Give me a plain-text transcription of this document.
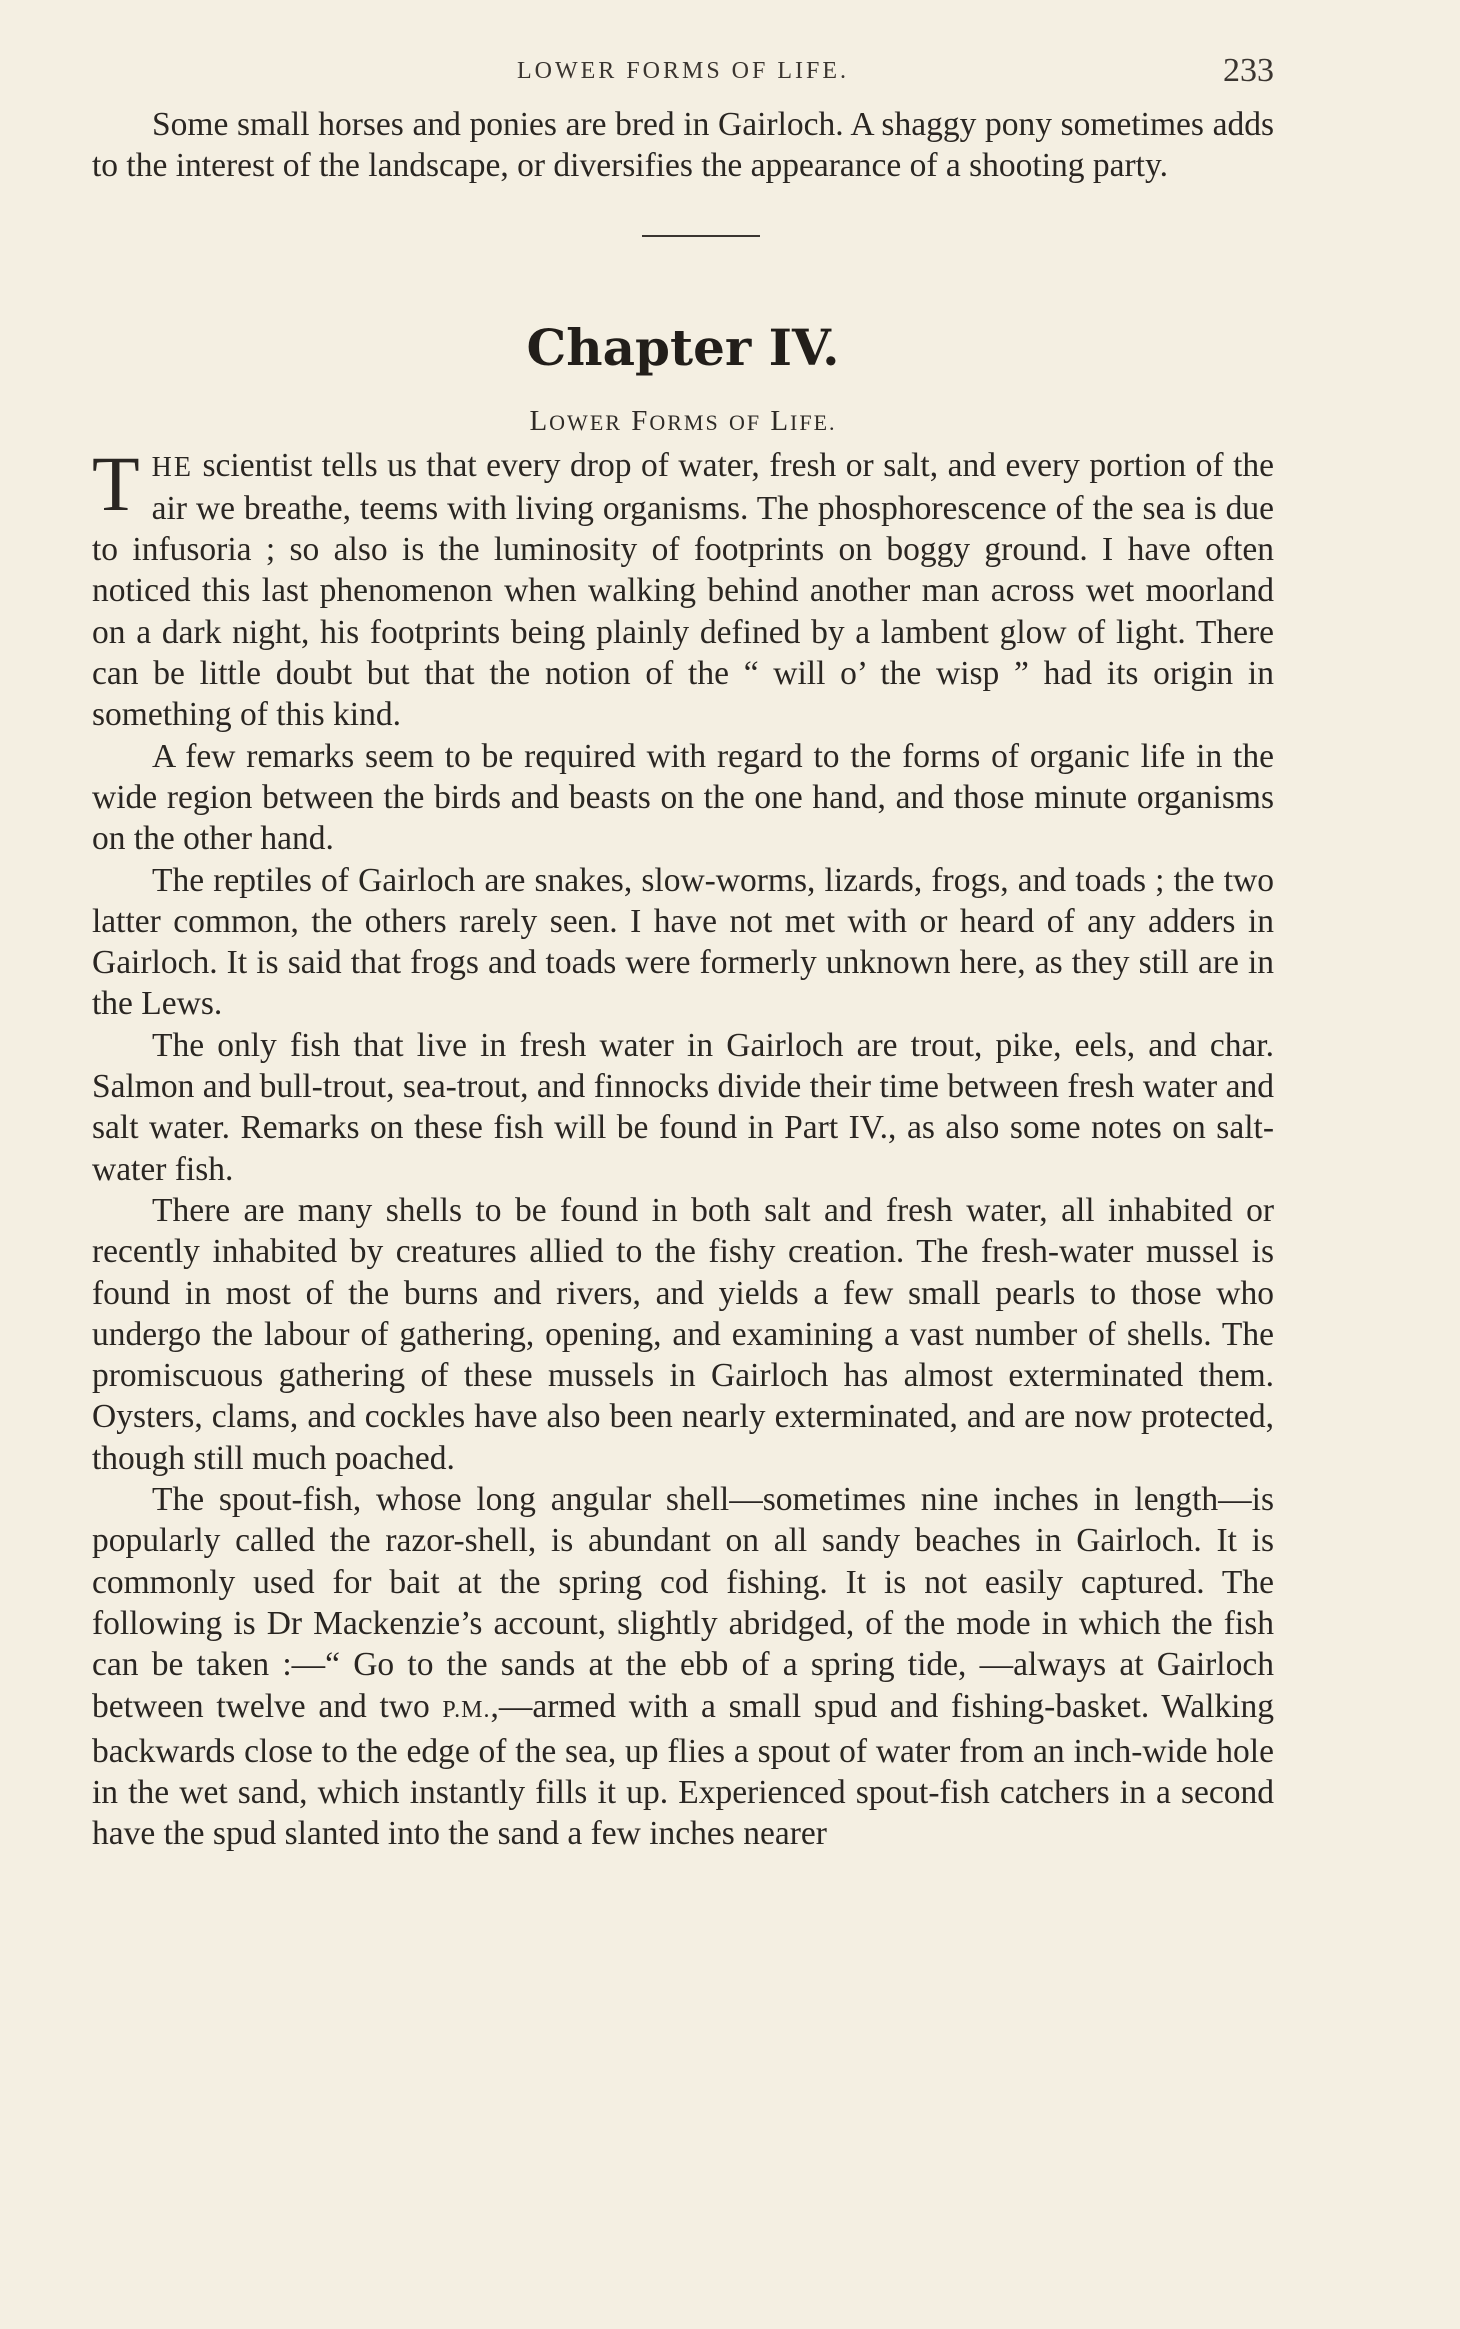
LOWER FORMS OF LIFE.	233

Some small horses and ponies are bred in Gairloch. A shaggy pony sometimes adds to the interest of the landscape, or diversifies the appearance of a shooting party.

Chapter IV.
LOWER FORMS OF LIFE.

THE scientist tells us that every drop of water, fresh or salt, and every portion of the air we breathe, teems with living organisms. The phosphorescence of the sea is due to infusoria ; so also is the luminosity of footprints on boggy ground. I have often noticed this last phenomenon when walking behind another man across wet moorland on a dark night, his footprints being plainly defined by a lambent glow of light. There can be little doubt but that the notion of the “ will o’ the wisp ” had its origin in something of this kind.

A few remarks seem to be required with regard to the forms of organic life in the wide region between the birds and beasts on the one hand, and those minute organisms on the other hand.

The reptiles of Gairloch are snakes, slow-worms, lizards, frogs, and toads ; the two latter common, the others rarely seen. I have not met with or heard of any adders in Gairloch. It is said that frogs and toads were formerly unknown here, as they still are in the Lews.

The only fish that live in fresh water in Gairloch are trout, pike, eels, and char. Salmon and bull-trout, sea-trout, and finnocks divide their time between fresh water and salt water. Remarks on these fish will be found in Part IV., as also some notes on salt-water fish.

There are many shells to be found in both salt and fresh water, all inhabited or recently inhabited by creatures allied to the fishy creation. The fresh-water mussel is found in most of the burns and rivers, and yields a few small pearls to those who undergo the labour of gathering, opening, and examining a vast number of shells. The promiscuous gathering of these mussels in Gairloch has almost exterminated them. Oysters, clams, and cockles have also been nearly exterminated, and are now protected, though still much poached.

The spout-fish, whose long angular shell—sometimes nine inches in length—is popularly called the razor-shell, is abundant on all sandy beaches in Gairloch. It is commonly used for bait at the spring cod fishing. It is not easily captured. The following is Dr Mackenzie’s account, slightly abridged, of the mode in which the fish can be taken :—“ Go to the sands at the ebb of a spring tide, —always at Gairloch between twelve and two P.M.,—armed with a small spud and fishing-basket. Walking backwards close to the edge of the sea, up flies a spout of water from an inch-wide hole in the wet sand, which instantly fills it up. Experienced spout-fish catchers in a second have the spud slanted into the sand a few inches nearer
